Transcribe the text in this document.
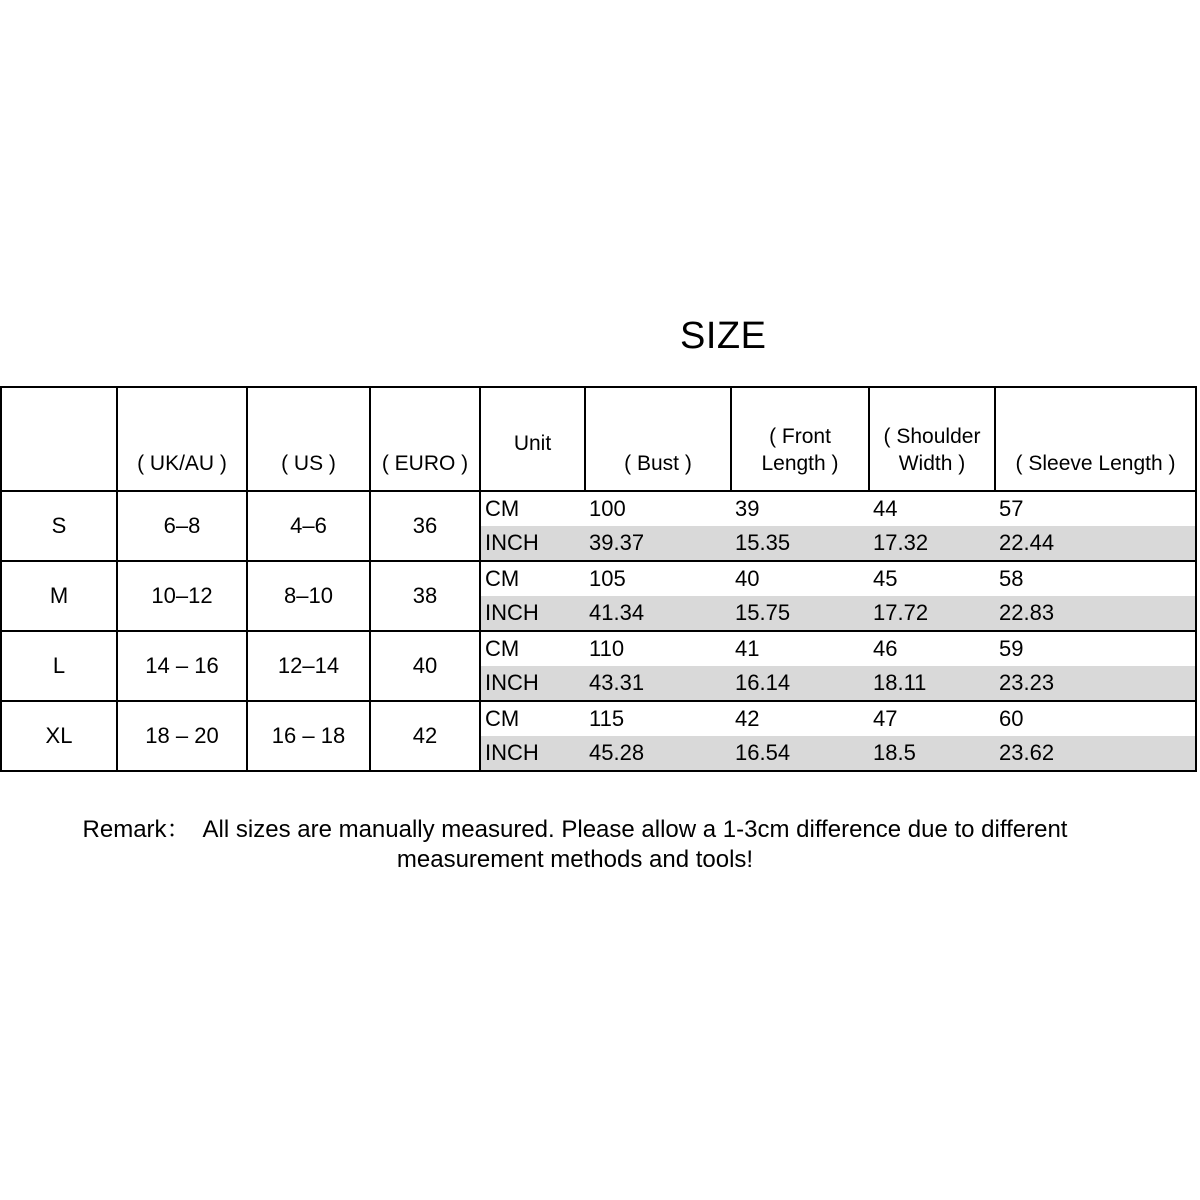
SIZE
	( UK/AU )	( US )	( EURO )	Unit	( Bust )	( Front Length )	( Shoulder Width )	( Sleeve Length )
S	6–8	4–6	36	CM	100	39	44	57
				INCH	39.37	15.35	17.32	22.44
M	10–12	8–10	38	CM	105	40	45	58
				INCH	41.34	15.75	17.72	22.83
L	14 – 16	12–14	40	CM	110	41	46	59
				INCH	43.31	16.14	18.11	23.23
XL	18 – 20	16 – 18	42	CM	115	42	47	60
				INCH	45.28	16.54	18.5	23.62

Remark：  All sizes are manually measured. Please allow a 1-3cm difference due to different measurement methods and tools!
